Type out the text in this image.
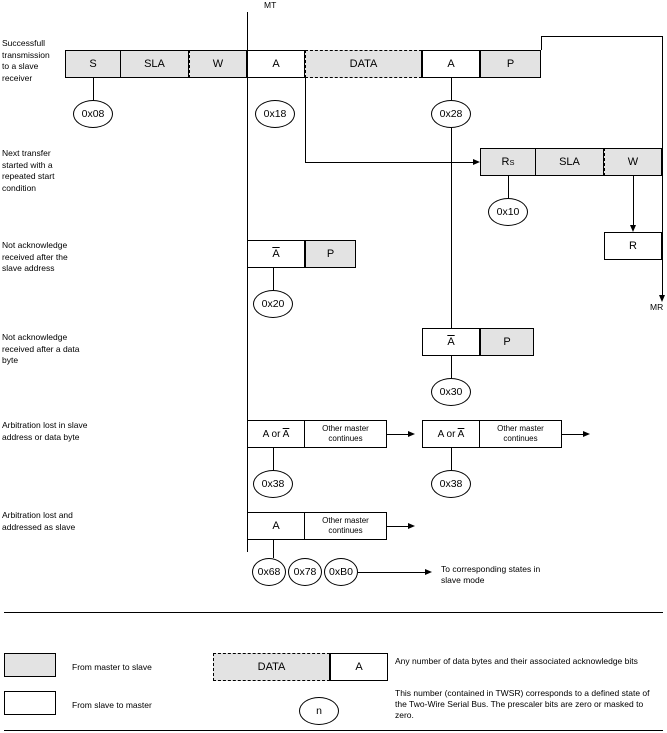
MT
Successfull
transmission
to a slave
receiver
S	SLA	W	A	DATA	A	P
0x08	0x18	0x28
MR
Next transfer
started with a
repeated start
condition
R S	SLA	W
0x10
R
Not acknowledge
received after the
slave address
$\overline{A}$	P
0x20
Not acknowledge
received after a data
byte
$\overline{A}$	P
0x30
Arbitration lost in slave
address or data byte	A or $\overline{A}$	Other master continues	A or $\overline{A}$	Other master continues
0x38	0x38
Arbitration lost and
addressed as slave	A	Other master continues
0x68	0x78	0xB0	To corresponding states in slave mode
From master to slave
From slave to master
DATA	A	Any number of data bytes and their associated acknowledge bits
n
This number (contained in TWSR) corresponds to a defined state of the Two-Wire Serial Bus. The prescaler bits are zero or masked to zero.
